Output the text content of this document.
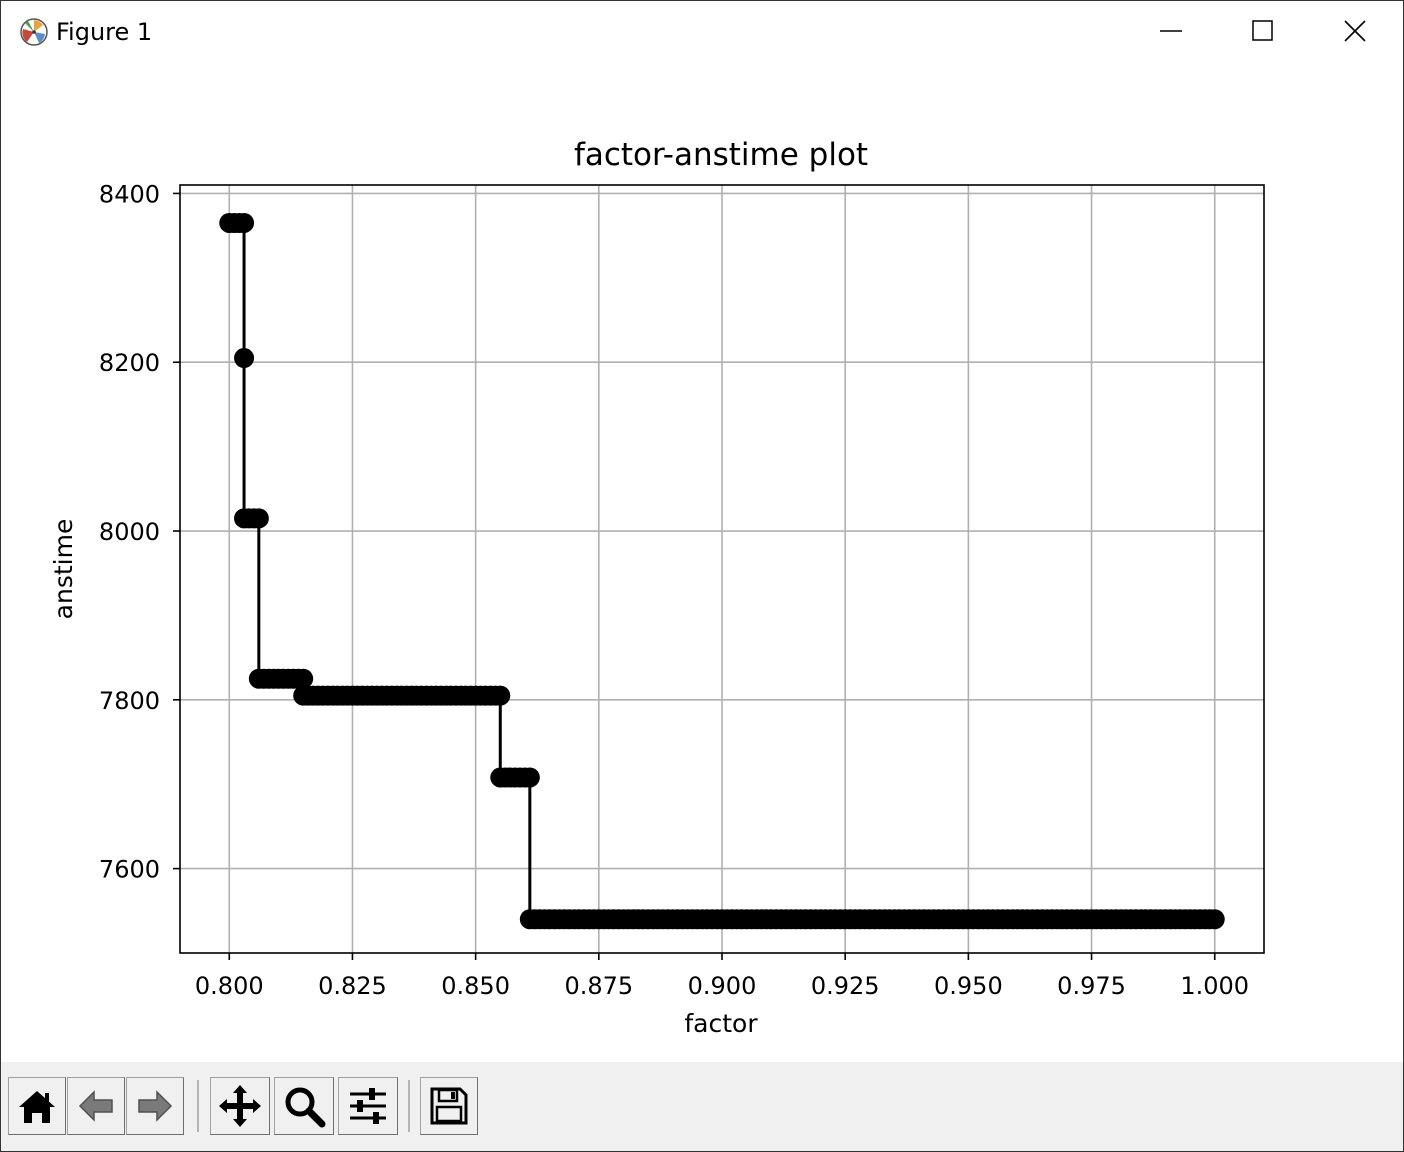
Figure 1
0.800 0.825 0.850 0.875 0.900 0.925 0.950 0.975 1.000
7600
7800
8000
8200
8400
factor-anstime plot
factor
anstime
